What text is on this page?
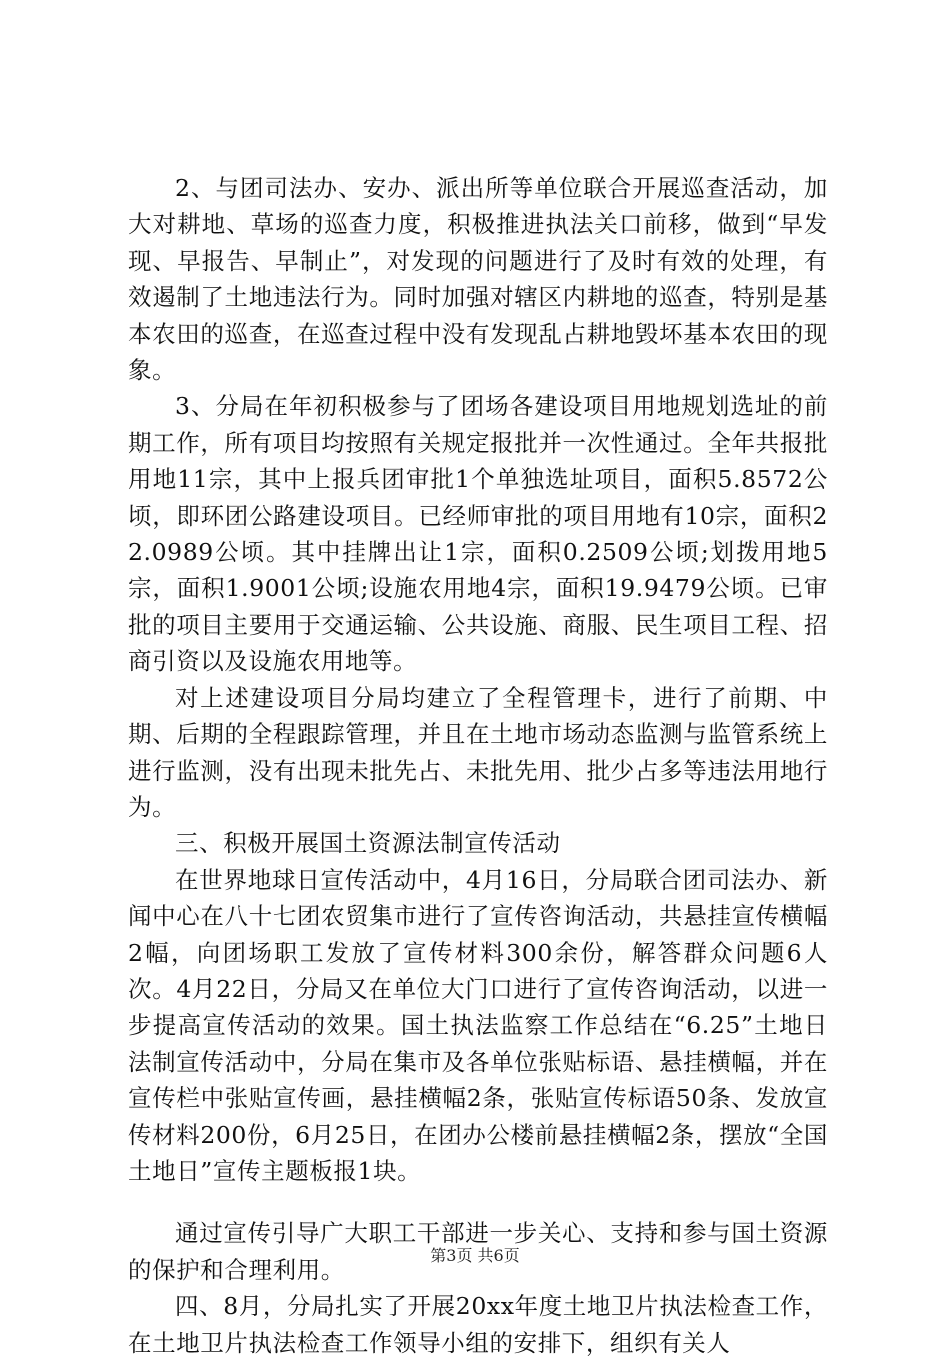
2、与团司法办、安办、派出所等单位联合开展巡查活动，加大对耕地、草场的巡查力度，积极推进执法关口前移，做到“早发现、早报告、早制止”，对发现的问题进行了及时有效的处理，有效遏制了土地违法行为。同时加强对辖区内耕地的巡查，特别是基本农田的巡查，在巡查过程中没有发现乱占耕地毁坏基本农田的现象。

3、分局在年初积极参与了团场各建设项目用地规划选址的前期工作，所有项目均按照有关规定报批并一次性通过。全年共报批用地11宗，其中上报兵团审批1个单独选址项目，面积5.8572公顷，即环团公路建设项目。已经师审批的项目用地有10宗，面积22.0989公顷。其中挂牌出让1宗，面积0.2509公顷;划拨用地5宗，面积1.9001公顷;设施农用地4宗，面积19.9479公顷。已审批的项目主要用于交通运输、公共设施、商服、民生项目工程、招商引资以及设施农用地等。

对上述建设项目分局均建立了全程管理卡，进行了前期、中期、后期的全程跟踪管理，并且在土地市场动态监测与监管系统上进行监测，没有出现未批先占、未批先用、批少占多等违法用地行为。

三、积极开展国土资源法制宣传活动

在世界地球日宣传活动中，4月16日，分局联合团司法办、新闻中心在八十七团农贸集市进行了宣传咨询活动，共悬挂宣传横幅2幅，向团场职工发放了宣传材料300余份，解答群众问题6人次。4月22日，分局又在单位大门口进行了宣传咨询活动，以进一步提高宣传活动的效果。国土执法监察工作总结在“6.25”土地日法制宣传活动中，分局在集市及各单位张贴标语、悬挂横幅，并在宣传栏中张贴宣传画，悬挂横幅2条，张贴宣传标语50条、发放宣传材料200份，6月25日，在团办公楼前悬挂横幅2条，摆放“全国土地日”宣传主题板报1块。

通过宣传引导广大职工干部进一步关心、支持和参与国土资源的保护和合理利用。

四、8月，分局扎实了开展20xx年度土地卫片执法检查工作，在土地卫片执法检查工作领导小组的安排下，组织有关人

第3页 共6页
